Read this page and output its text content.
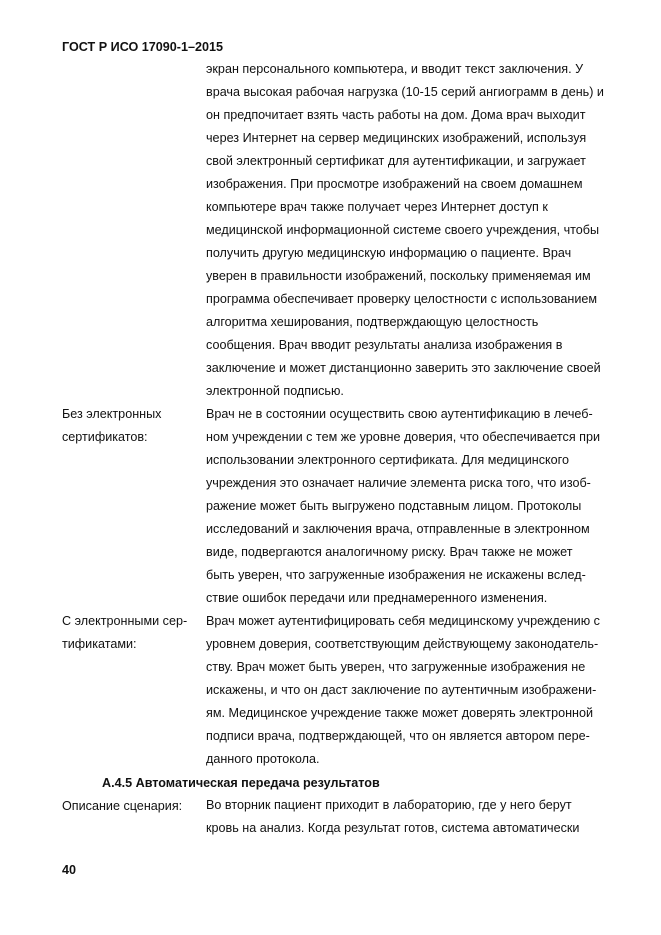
ГОСТ Р ИСО 17090-1–2015
экран персонального компьютера, и вводит текст заключения. У
врача высокая рабочая нагрузка (10-15 серий ангиограмм в день) и
он предпочитает взять часть работы на дом. Дома врач выходит
через Интернет на сервер медицинских изображений, используя
свой электронный сертификат для аутентификации, и загружает
изображения. При просмотре изображений на своем домашнем
компьютере врач также получает через Интернет доступ к
медицинской информационной системе своего учреждения, чтобы
получить другую медицинскую информацию о пациенте. Врач
уверен в правильности изображений, поскольку применяемая им
программа обеспечивает проверку целостности с использованием
алгоритма хеширования, подтверждающую целостность
сообщения. Врач вводит результаты анализа изображения в
заключение и может дистанционно заверить это заключение своей
электронной подписью.
Врач не в состоянии осуществить свою аутентификацию в лечеб-
ном учреждении с тем же уровне доверия, что обеспечивается при
использовании электронного сертификата. Для медицинского
учреждения это означает наличие элемента риска того, что изоб-
ражение может быть выгружено подставным лицом. Протоколы
исследований и заключения врача, отправленные в электронном
виде, подвергаются аналогичному риску. Врач также не может
быть уверен, что загруженные изображения не искажены вслед-
ствие ошибок передачи или преднамеренного изменения.
Врач может аутентифицировать себя медицинскому учреждению с
уровнем доверия, соответствующим действующему законодатель-
ству. Врач может быть уверен, что загруженные изображения не
искажены, и что он даст заключение по аутентичным изображени-
ям. Медицинское учреждение также может доверять электронной
подписи врача, подтверждающей, что он является автором пере-
данного протокола.
Во вторник пациент приходит в лабораторию, где у него берут
кровь на анализ. Когда результат готов, система автоматически
Без электронных
сертификатов:
С электронными сер-
тификатами:
А.4.5 Автоматическая передача результатов
Описание сценария:
40
